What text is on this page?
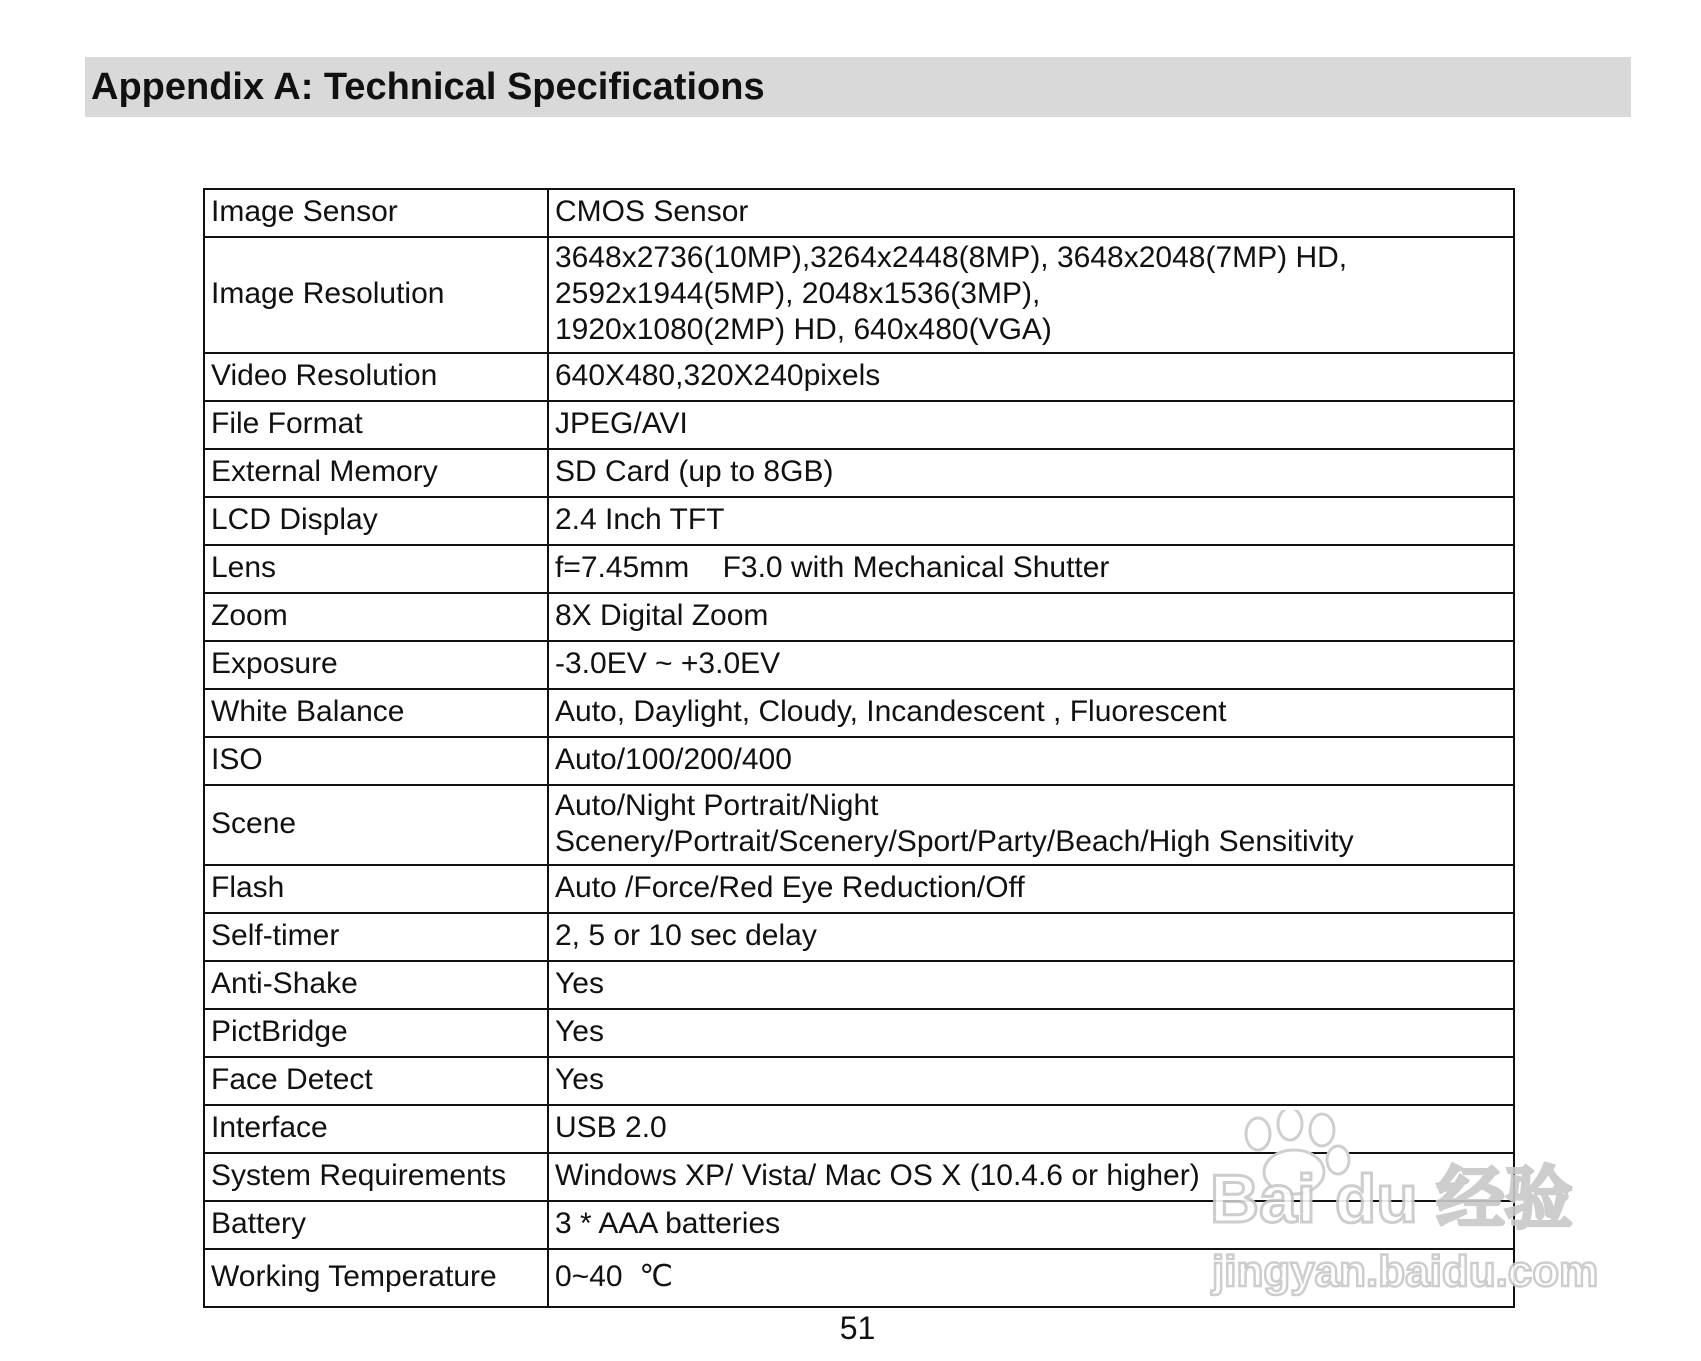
Appendix A: Technical Specifications
Image Sensor	CMOS Sensor

Image Resolution	3648x2736(10MP),3264x2448(8MP), 3648x2048(7MP) HD,
2592x1944(5MP), 2048x1536(3MP),
1920x1080(2MP) HD, 640x480(VGA)

Video Resolution	640X480,320X240pixels

File Format	JPEG/AVI

External Memory	SD Card (up to 8GB)

LCD Display	2.4 Inch TFT

Lens	f=7.45mm    F3.0 with Mechanical Shutter

Zoom	8X Digital Zoom

Exposure	-3.0EV ~ +3.0EV

White Balance	Auto, Daylight, Cloudy, Incandescent , Fluorescent

ISO	Auto/100/200/400

Scene	Auto/Night Portrait/Night
Scenery/Portrait/Scenery/Sport/Party/Beach/High Sensitivity

Flash	Auto /Force/Red Eye Reduction/Off

Self-timer	2, 5 or 10 sec delay

Anti-Shake	Yes

PictBridge	Yes

Face Detect	Yes

Interface	USB 2.0

System Requirements	Windows XP/ Vista/ Mac OS X (10.4.6 or higher)

Battery	3 * AAA batteries

Working Temperature	0~40  ℃
51
Bai du 经验
jingyan.baidu.com
